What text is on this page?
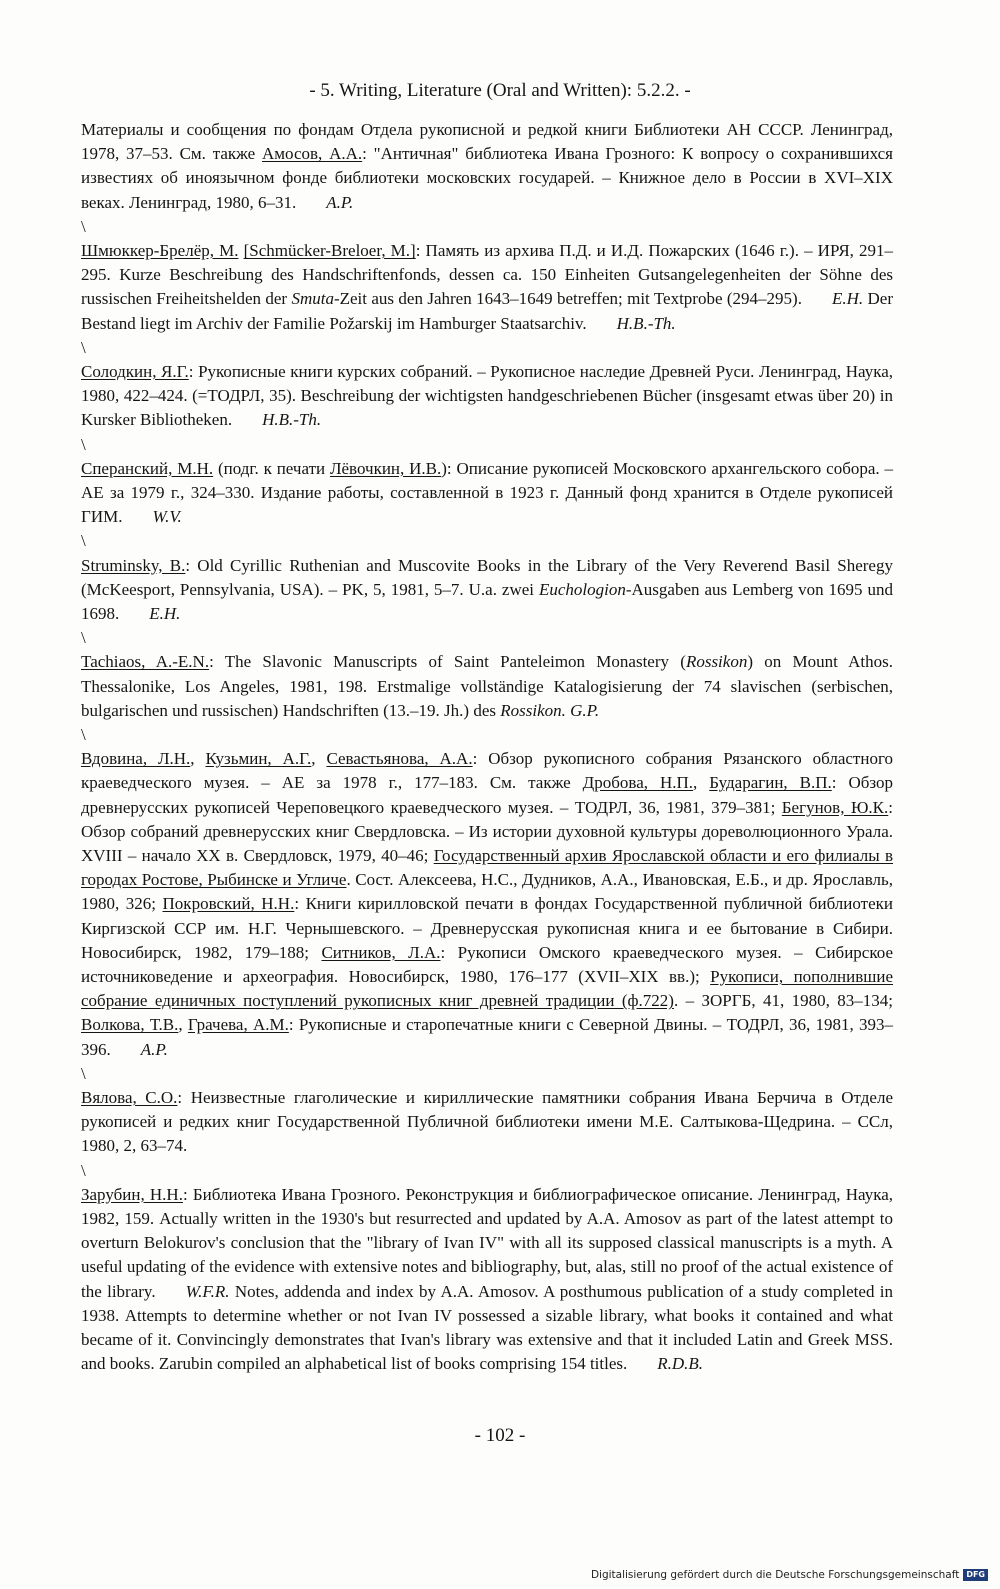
- 5. Writing, Literature (Oral and Written): 5.2.2. -

Материалы и сообщения по фондам Отдела рукописной и редкой книги Библиотеки АН СССР. Ленинград, 1978, 37–53. См. также Амосов, А.А.: "Античная" библиотека Ивана Грозного: К вопросу о сохранившихся известиях об иноязычном фонде библиотеки московских государей. – Книжное дело в России в XVI–XIX веках. Ленинград, 1980, 6–31. A.P.

\

Шмюккер-Брелёр, М. [Schmücker-Breloer, M.]: Память из архива П.Д. и И.Д. Пожарских (1646 г.). – ИРЯ, 291–295. Kurze Beschreibung des Handschriftenfonds, dessen ca. 150 Einheiten Gutsangelegenheiten der Söhne des russischen Freiheitshelden der Smuta-Zeit aus den Jahren 1643–1649 betreffen; mit Textprobe (294–295). E.H. Der Bestand liegt im Archiv der Familie Požarskij im Hamburger Staatsarchiv. H.B.-Th.

\

Солодкин, Я.Г.: Рукописные книги курских собраний. – Рукописное наследие Древней Руси. Ленинград, Наука, 1980, 422–424. (=ТОДРЛ, 35). Beschreibung der wichtigsten handgeschriebenen Bücher (insgesamt etwas über 20) in Kursker Bibliotheken. H.B.-Th.

\

Сперанский, М.Н. (подг. к печати Лёвочкин, И.В.): Описание рукописей Московского архангельского собора. – АЕ за 1979 г., 324–330. Издание работы, составленной в 1923 г. Данный фонд хранится в Отделе рукописей ГИМ. W.V.

\

Struminsky, B.: Old Cyrillic Ruthenian and Muscovite Books in the Library of the Very Reverend Basil Sheregy (McKeesport, Pennsylvania, USA). – PK, 5, 1981, 5–7. U.a. zwei Euchologion-Ausgaben aus Lemberg von 1695 und 1698. E.H.

\

Tachiaos, A.-E.N.: The Slavonic Manuscripts of Saint Panteleimon Monastery (Rossikon) on Mount Athos. Thessalonike, Los Angeles, 1981, 198. Erstmalige vollständige Katalogisierung der 74 slavischen (serbischen, bulgarischen und russischen) Handschriften (13.–19. Jh.) des Rossikon. G.P.

\

Вдовина, Л.Н., Кузьмин, А.Г., Севастьянова, А.А.: Обзор рукописного собрания Рязанского областного краеведческого музея. – АЕ за 1978 г., 177–183. См. также Дробова, Н.П., Бударагин, В.П.: Обзор древнерусских рукописей Череповецкого краеведческого музея. – ТОДРЛ, 36, 1981, 379–381; Бегунов, Ю.К.: Обзор собраний древнерусских книг Свердловска. – Из истории духовной культуры дореволюционного Урала. XVIII – начало XX в. Свердловск, 1979, 40–46; Государственный архив Ярославской области и его филиалы в городах Ростове, Рыбинске и Угличе. Сост. Алексеева, Н.С., Дудников, А.А., Ивановская, Е.Б., и др. Ярославль, 1980, 326; Покровский, Н.Н.: Книги кирилловской печати в фондах Государственной публичной библиотеки Киргизской ССР им. Н.Г. Чернышевского. – Древнерусская рукописная книга и ее бытование в Сибири. Новосибирск, 1982, 179–188; Ситников, Л.А.: Рукописи Омского краеведческого музея. – Сибирское источниковедение и археография. Новосибирск, 1980, 176–177 (XVII–XIX вв.); Рукописи, пополнившие собрание единичных поступлений рукописных книг древней традиции (ф.722). – ЗОРГБ, 41, 1980, 83–134; Волкова, Т.В., Грачева, А.М.: Рукописные и старопечатные книги с Северной Двины. – ТОДРЛ, 36, 1981, 393–396. A.P.

\

Вялова, С.О.: Неизвестные глаголические и кириллические памятники собрания Ивана Берчича в Отделе рукописей и редких книг Государственной Публичной библиотеки имени М.Е. Салтыкова-Щедрина. – ССл, 1980, 2, 63–74.

\

Зарубин, Н.Н.: Библиотека Ивана Грозного. Реконструкция и библиографическое описание. Ленинград, Наука, 1982, 159. Actually written in the 1930's but resurrected and updated by A.A. Amosov as part of the latest attempt to overturn Belokurov's conclusion that the "library of Ivan IV" with all its supposed classical manuscripts is a myth. A useful updating of the evidence with extensive notes and bibliography, but, alas, still no proof of the actual existence of the library. W.F.R. Notes, addenda and index by A.A. Amosov. A posthumous publication of a study completed in 1938. Attempts to determine whether or not Ivan IV possessed a sizable library, what books it contained and what became of it. Convincingly demonstrates that Ivan's library was extensive and that it included Latin and Greek MSS. and books. Zarubin compiled an alphabetical list of books comprising 154 titles. R.D.B.

- 102 -
Digitalisierung gefördert durch die Deutsche Forschungsgemeinschaft DFG
